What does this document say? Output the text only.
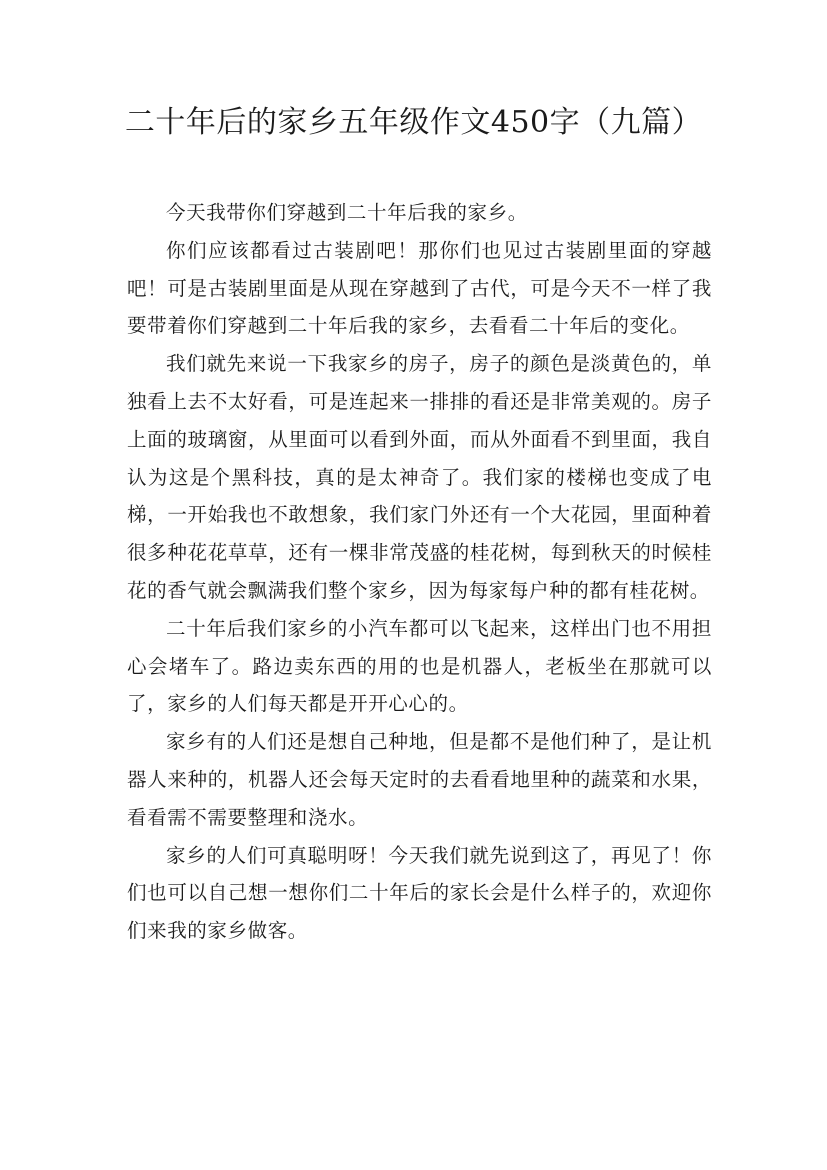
二十年后的家乡五年级作文450字（九篇）

今天我带你们穿越到二十年后我的家乡。

你们应该都看过古装剧吧！那你们也见过古装剧里面的穿越吧！可是古装剧里面是从现在穿越到了古代，可是今天不一样了我要带着你们穿越到二十年后我的家乡，去看看二十年后的变化。

我们就先来说一下我家乡的房子，房子的颜色是淡黄色的，单独看上去不太好看，可是连起来一排排的看还是非常美观的。房子上面的玻璃窗，从里面可以看到外面，而从外面看不到里面，我自认为这是个黑科技，真的是太神奇了。我们家的楼梯也变成了电梯，一开始我也不敢想象，我们家门外还有一个大花园，里面种着很多种花花草草，还有一棵非常茂盛的桂花树，每到秋天的时候桂花的香气就会飘满我们整个家乡，因为每家每户种的都有桂花树。

二十年后我们家乡的小汽车都可以飞起来，这样出门也不用担心会堵车了。路边卖东西的用的也是机器人，老板坐在那就可以了，家乡的人们每天都是开开心心的。

家乡有的人们还是想自己种地，但是都不是他们种了，是让机器人来种的，机器人还会每天定时的去看看地里种的蔬菜和水果，看看需不需要整理和浇水。

家乡的人们可真聪明呀！今天我们就先说到这了，再见了！你们也可以自己想一想你们二十年后的家长会是什么样子的，欢迎你们来我的家乡做客。
